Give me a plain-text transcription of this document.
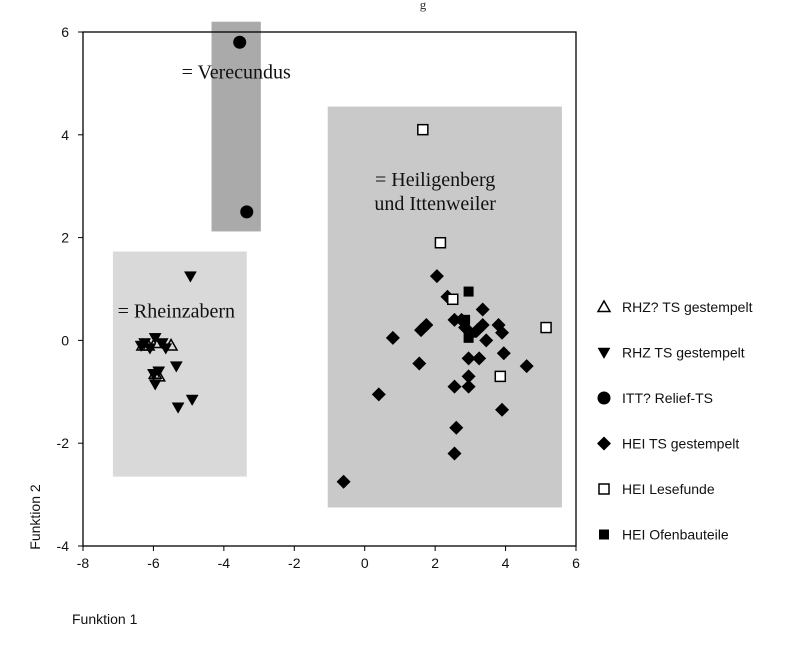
g
= Verecundus
= Heiligenberg
und Ittenweiler
= Rheinzabern
-8	-6	-4	-2	0	2	4	6
-4
-2
0
2
4
6
Funktion 1
Funktion 2
RHZ? TS gestempelt
RHZ TS gestempelt
ITT? Relief-TS
HEI TS gestempelt
HEI Lesefunde
HEI Ofenbauteile
